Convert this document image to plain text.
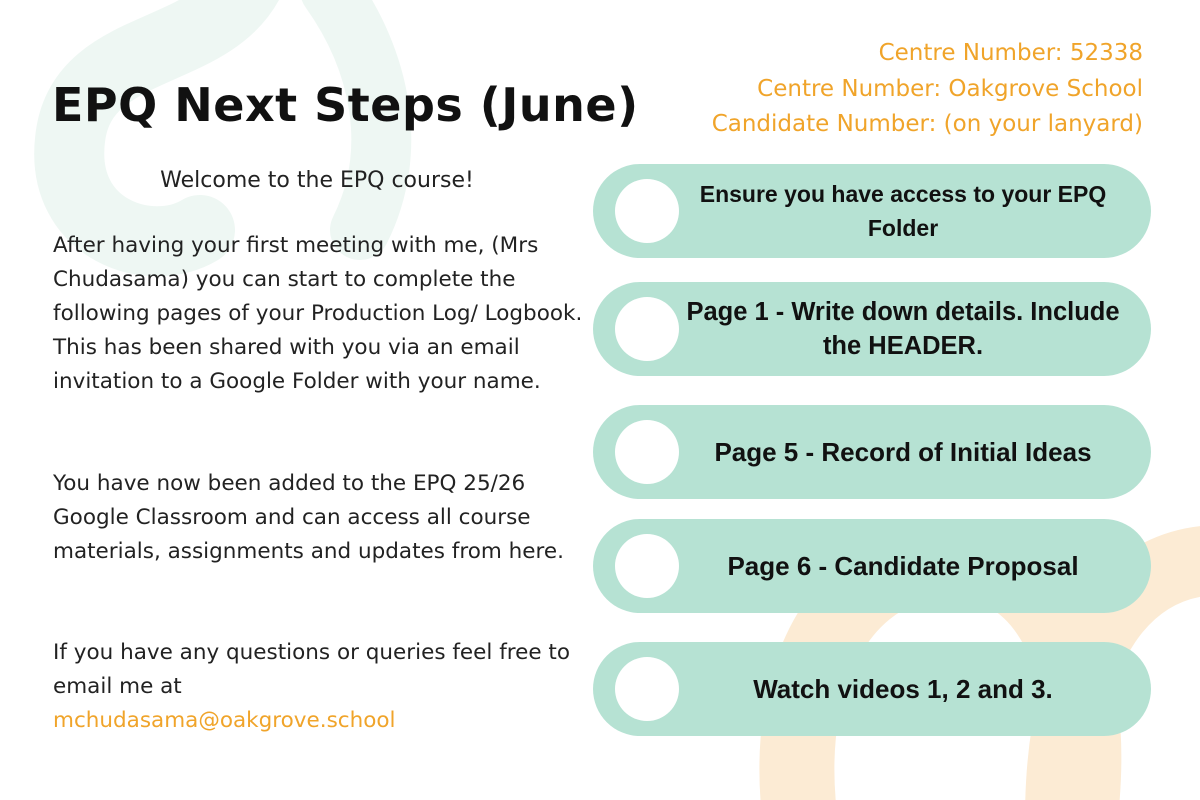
EPQ Next Steps (June)
Centre Number: 52338
Centre Number: Oakgrove School
Candidate Number: (on your lanyard)

Welcome to the EPQ course!

After having your first meeting with me, (Mrs Chudasama) you can start to complete the following pages of your Production Log/ Logbook. This has been shared with you via an email invitation to a Google Folder with your name.

You have now been added to the EPQ 25/26 Google Classroom and can access all course materials, assignments and updates from here.

If you have any questions or queries feel free to email me at
mchudasama@oakgrove.school

Ensure you have access to your EPQ Folder
Page 1 - Write down details. Include the HEADER.
Page 5 - Record of Initial Ideas
Page 6 - Candidate Proposal
Watch videos 1, 2 and 3.
